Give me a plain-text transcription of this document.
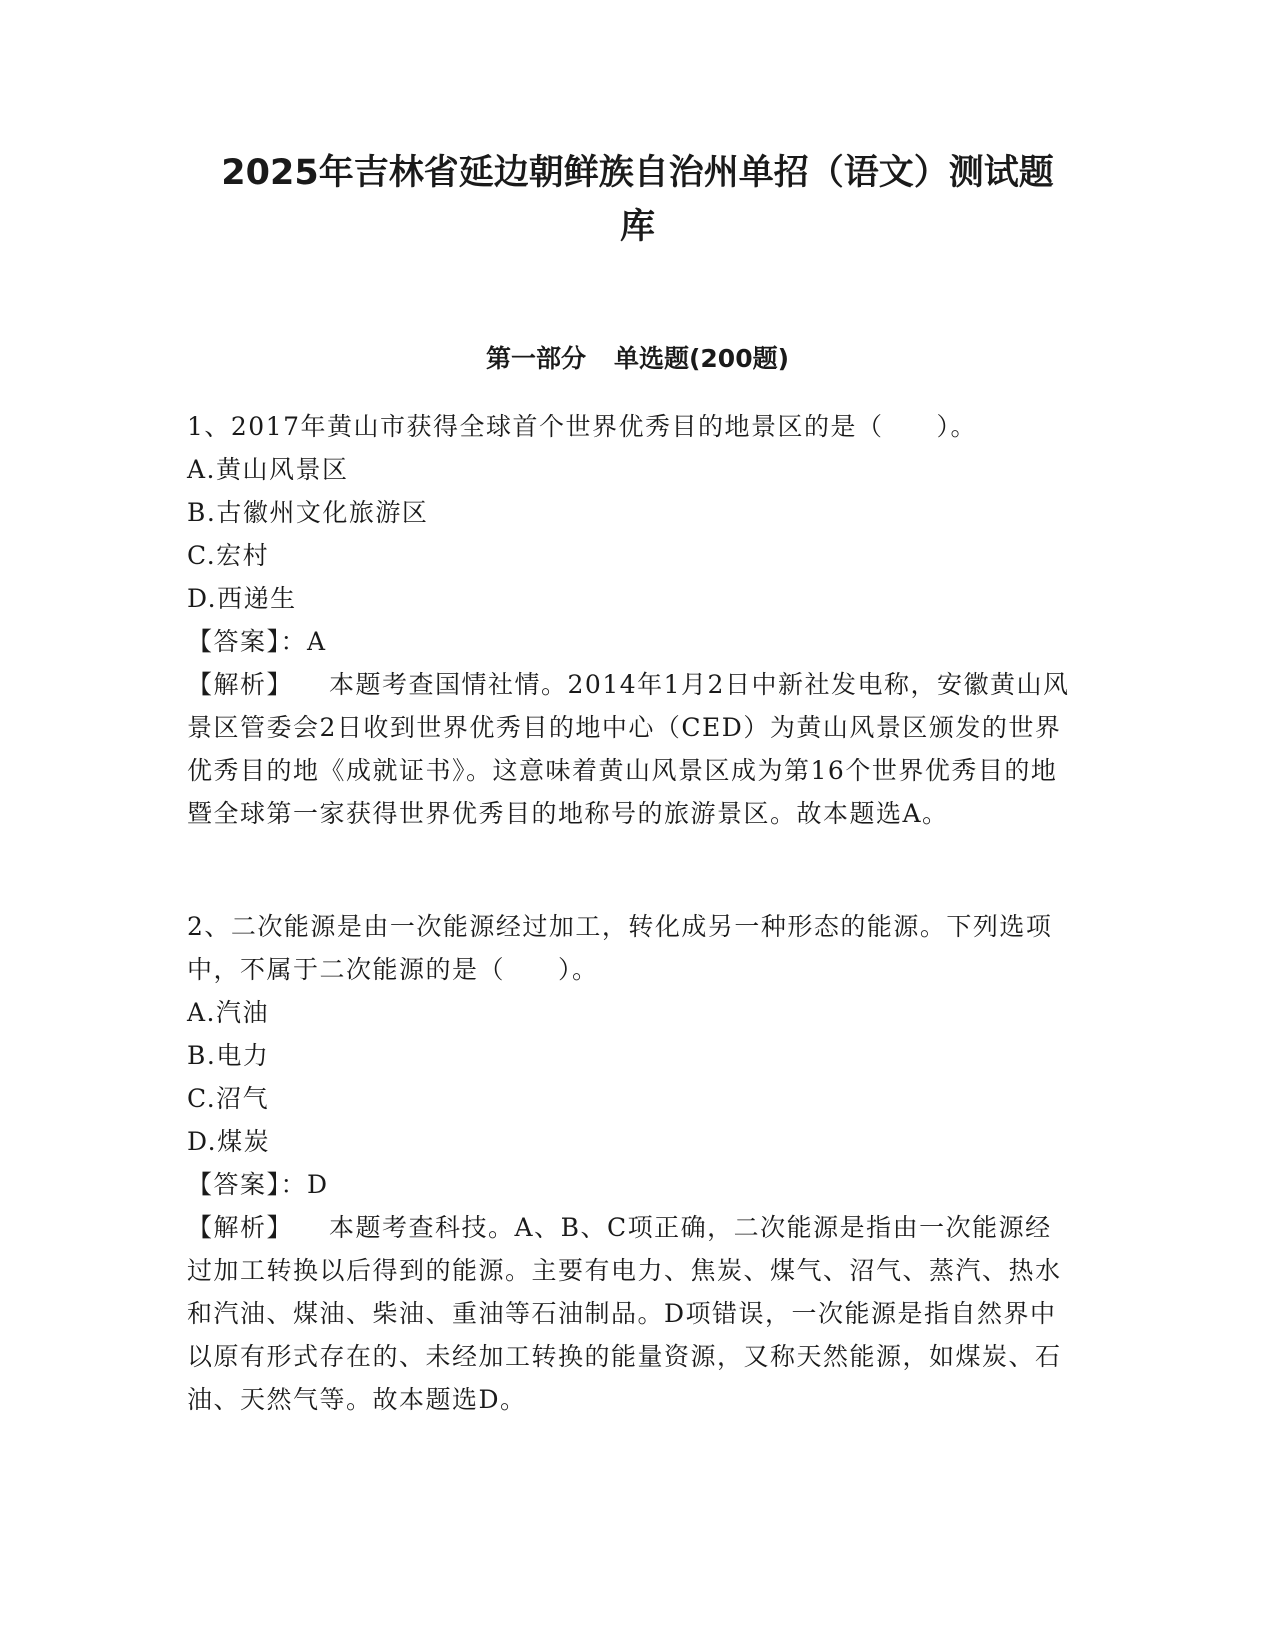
2025年吉林省延边朝鲜族自治州单招（语文）测试题
库
第一部分 单选题(200题)
1、2017年黄山市获得全球首个世界优秀目的地景区的是（　　）。
A.黄山风景区
B.古徽州文化旅游区
C.宏村
D.西递生
【答案】：A
【解析】 本题考查国情社情。2014年1月2日中新社发电称，安徽黄山风景区管委会2日收到世界优秀目的地中心（CED）为黄山风景区颁发的世界优秀目的地《成就证书》。这意味着黄山风景区成为第16个世界优秀目的地暨全球第一家获得世界优秀目的地称号的旅游景区。故本题选A。
2、二次能源是由一次能源经过加工，转化成另一种形态的能源。下列选项中，不属于二次能源的是（　　）。
A.汽油
B.电力
C.沼气
D.煤炭
【答案】：D
【解析】 本题考查科技。A、B、C项正确，二次能源是指由一次能源经过加工转换以后得到的能源。主要有电力、焦炭、煤气、沼气、蒸汽、热水和汽油、煤油、柴油、重油等石油制品。D项错误，一次能源是指自然界中以原有形式存在的、未经加工转换的能量资源，又称天然能源，如煤炭、石油、天然气等。故本题选D。
